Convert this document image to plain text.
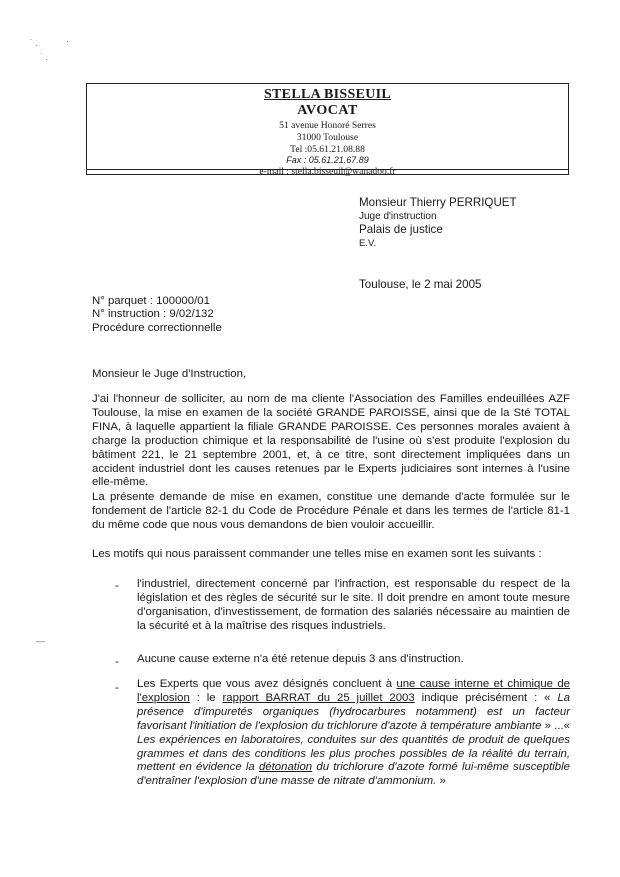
˙ .
˙ .
·
—
STELLA BISSEUIL
AVOCAT
51 avenue Honoré Serres
31000 Toulouse
Tel :05.61.21.08.88
Fax : 05.61.21.67.89
e-mail : stella.bisseuil@wanadoo.fr
Monsieur Thierry PERRIQUET
Juge d'instruction
Palais de justice
E.V.
Toulouse, le 2 mai 2005
N° parquet : 100000/01
N° instruction : 9/02/132
Procédure correctionnelle
Monsieur le Juge d'Instruction,
J'ai l'honneur de solliciter, au nom de ma cliente l'Association des Familles endeuillées AZF Toulouse, la mise en examen de la société GRANDE PAROISSE, ainsi que de la Sté TOTAL FINA, à laquelle appartient la filiale GRANDE PAROISSE. Ces personnes morales avaient à charge la production chimique et la responsabilité de l'usine où s'est produite l'explosion du bâtiment 221, le 21 septembre 2001, et, à ce titre, sont directement impliquées dans un accident industriel dont les causes retenues par le Experts judiciaires sont internes à l'usine elle-même.
La présente demande de mise en examen, constitue une demande d'acte formulée sur le fondement de l'article 82-1 du Code de Procédure Pénale et dans les termes de l'article 81-1 du même code que nous vous demandons de bien vouloir accueillir.
Les motifs qui nous paraissent commander une telles mise en examen sont les suivants :
-	l'industriel, directement concerné par l'infraction, est responsable du respect de la législation et des règles de sécurité sur le site. Il doit prendre en amont toute mesure d'organisation, d'investissement, de formation des salariés nécessaire au maintien de la sécurité et à la maîtrise des risques industriels.
-	Aucune cause externe n'a été retenue depuis 3 ans d'instruction.
-	Les Experts que vous avez désignés concluent à une cause interne et chimique de l'explosion : le rapport BARRAT du 25 juillet 2003 indique précisément : « La présence d'impuretés organiques (hydrocarbures notamment) est un facteur favorisant l'initiation de l'explosion du trichlorure d'azote à température ambiante » ...« Les expériences en laboratoires, conduites sur des quantités de produit de quelques grammes et dans des conditions les plus proches possibles de la réalité du terrain, mettent en évidence la détonation du trichlorure d'azote formé lui-même susceptible d'entraîner l'explosion d'une masse de nitrate d'ammonium. »
